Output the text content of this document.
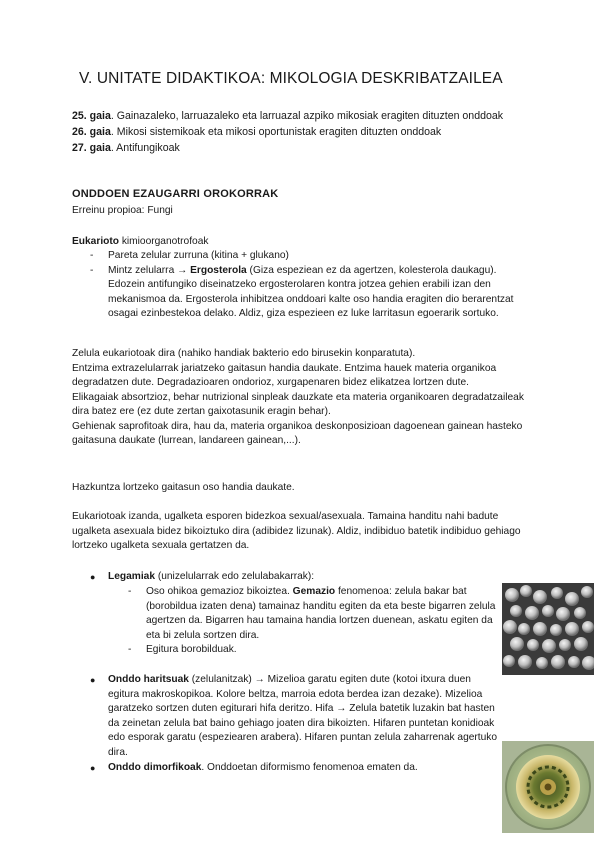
V. UNITATE DIDAKTIKOA: MIKOLOGIA DESKRIBATZAILEA
25. gaia. Gainazaleko, larruazaleko eta larruazal azpiko mikosiak eragiten dituzten onddoak
26. gaia. Mikosi sistemikoak eta mikosi oportunistak eragiten dituzten onddoak
27. gaia. Antifungikoak
ONDDOEN EZAUGARRI OROKORRAK
Erreinu propioa: Fungi
Eukarioto kimioorganotrofoak
- Pareta zelular zurruna (kitina + glukano)
- Mintz zelularra → Ergosterola (Giza espeziean ez da agertzen, kolesterola daukagu). Edozein antifungiko diseinatzeko ergosterolaren kontra jotzea gehien erabili izan den mekanismoa da. Ergosterola inhibitzea onddoari kalte oso handia eragiten dio berarentzat osagai ezinbestekoa delako. Aldiz, giza espezieen ez luke larritasun egoerarik sortuko.
Zelula eukariotoak dira (nahiko handiak bakterio edo birusekin konparatuta).
Entzima extrazelularrak jariatzeko gaitasun handia daukate. Entzima hauek materia organikoa degradatzen dute. Degradazioaren ondorioz, xurgapenaren bidez elikatzea lortzen dute.
Elikagaiak absortzioz, behar nutrizional sinpleak dauzkate eta materia organikoaren degradatzaileak dira batez ere (ez dute zertan gaixotasunik eragin behar).
Gehienak saprofitoak dira, hau da, materia organikoa deskonposizioan dagoenean gainean hasteko gaitasuna daukate (lurrean, landareen gainean,...).
Hazkuntza lortzeko gaitasun oso handia daukate.
Eukariotoak izanda, ugalketa esporen bidezkoa sexual/asexuala. Tamaina handitu nahi badute ugalketa asexuala bidez bikoiztuko dira (adibidez lizunak). Aldiz, indibiduo batetik indibiduo gehiago lortzeko ugalketa sexuala gertatzen da.
●	Legamiak (unizelularrak edo zelulabakarrak):
-	Oso ohikoa gemazioz bikoiztea. Gemazio fenomenoa: zelula bakar bat (borobildua izaten dena) tamainaz handitu egiten da eta beste bigarren zelula agertzen da. Bigarren hau tamaina handia lortzen duenean, askatu egiten da eta bi zelula sortzen dira.
-	Egitura borobilduak.
●	Onddo haritsuak (zelulanitzak) → Mizelioa garatu egiten dute (kotoi itxura duen egitura makroskopikoa. Kolore beltza, marroia edota berdea izan dezake). Mizelioa garatzeko sortzen duten egiturari hifa deritzo. Hifa → Zelula batetik luzakin bat hasten da zeinetan zelula bat baino gehiago joaten dira bikoizten. Hifaren puntetan konidioak edo esporak garatu (espeziearen arabera). Hifaren puntan zelula zaharrenak agertuko dira.
●	Onddo dimorfikoak. Onddoetan diformismo fenomenoa ematen da.
